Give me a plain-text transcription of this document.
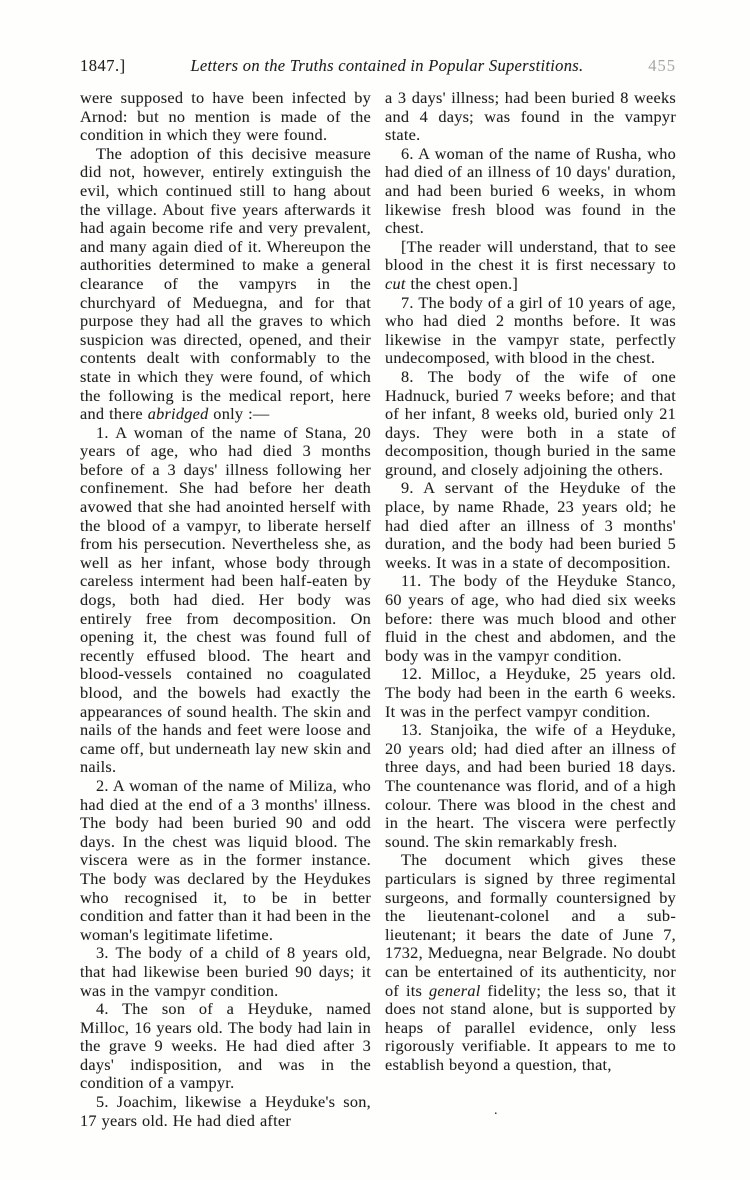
1847.]	Letters on the Truths contained in Popular Superstitions.	455

were supposed to have been infected by Arnod: but no mention is made of the condition in which they were found.

The adoption of this decisive measure did not, however, entirely extinguish the evil, which continued still to hang about the village. About five years afterwards it had again become rife and very prevalent, and many again died of it. Whereupon the authorities determined to make a general clearance of the vampyrs in the churchyard of Meduegna, and for that purpose they had all the graves to which suspicion was directed, opened, and their contents dealt with conformably to the state in which they were found, of which the following is the medical report, here and there abridged only :—

1. A woman of the name of Stana, 20 years of age, who had died 3 months before of a 3 days' illness following her confinement. She had before her death avowed that she had anointed herself with the blood of a vampyr, to liberate herself from his persecution. Nevertheless she, as well as her infant, whose body through careless interment had been half-eaten by dogs, both had died. Her body was entirely free from decomposition. On opening it, the chest was found full of recently effused blood. The heart and blood-vessels contained no coagulated blood, and the bowels had exactly the appearances of sound health. The skin and nails of the hands and feet were loose and came off, but underneath lay new skin and nails.

2. A woman of the name of Miliza, who had died at the end of a 3 months' illness. The body had been buried 90 and odd days. In the chest was liquid blood. The viscera were as in the former instance. The body was declared by the Heydukes who recognised it, to be in better condition and fatter than it had been in the woman's legitimate lifetime.

3. The body of a child of 8 years old, that had likewise been buried 90 days; it was in the vampyr condition.

4. The son of a Heyduke, named Milloc, 16 years old. The body had lain in the grave 9 weeks. He had died after 3 days' indisposition, and was in the condition of a vampyr.

5. Joachim, likewise a Heyduke's son, 17 years old. He had died after

a 3 days' illness; had been buried 8 weeks and 4 days; was found in the vampyr state.

6. A woman of the name of Rusha, who had died of an illness of 10 days' duration, and had been buried 6 weeks, in whom likewise fresh blood was found in the chest.

[The reader will understand, that to see blood in the chest it is first necessary to cut the chest open.]

7. The body of a girl of 10 years of age, who had died 2 months before. It was likewise in the vampyr state, perfectly undecomposed, with blood in the chest.

8. The body of the wife of one Hadnuck, buried 7 weeks before; and that of her infant, 8 weeks old, buried only 21 days. They were both in a state of decomposition, though buried in the same ground, and closely adjoining the others.

9. A servant of the Heyduke of the place, by name Rhade, 23 years old; he had died after an illness of 3 months' duration, and the body had been buried 5 weeks. It was in a state of decomposition.

11. The body of the Heyduke Stanco, 60 years of age, who had died six weeks before: there was much blood and other fluid in the chest and abdomen, and the body was in the vampyr condition.

12. Milloc, a Heyduke, 25 years old. The body had been in the earth 6 weeks. It was in the perfect vampyr condition.

13. Stanjoika, the wife of a Heyduke, 20 years old; had died after an illness of three days, and had been buried 18 days. The countenance was florid, and of a high colour. There was blood in the chest and in the heart. The viscera were perfectly sound. The skin remarkably fresh.

The document which gives these particulars is signed by three regimental surgeons, and formally countersigned by the lieutenant-colonel and a sub-lieutenant; it bears the date of June 7, 1732, Meduegna, near Belgrade. No doubt can be entertained of its authenticity, nor of its general fidelity; the less so, that it does not stand alone, but is supported by heaps of parallel evidence, only less rigorously verifiable. It appears to me to establish beyond a question, that,

.
